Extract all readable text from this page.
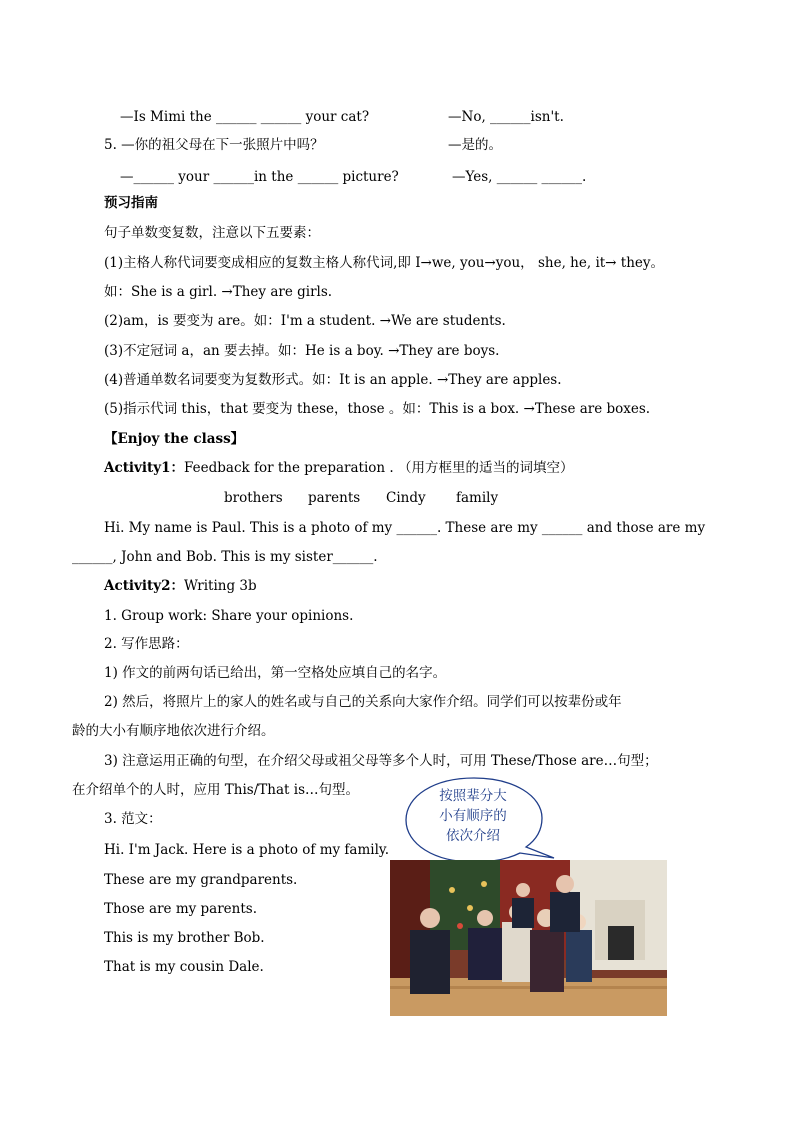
—Is Mimi the ______ ______ your cat?	—No, ______isn't.
5. —你的祖父母在下一张照片中吗？	—是的。
—______ your ______in the ______ picture?	—Yes, ______ ______.
预习指南
句子单数变复数，注意以下五要素：
(1)主格人称代词要变成相应的复数主格人称代词,即 I→we, you→you， she, he, it→ they。
如：She is a girl. →They are girls.
(2)am，is 要变为 are。如：I'm a student. →We are students.
(3)不定冠词 a，an 要去掉。如：He is a boy. →They are boys.
(4)普通单数名词要变为复数形式。如：It is an apple. →They are apples.
(5)指示代词 this，that 要变为 these，those 。如：This is a box. →These are boxes.
【Enjoy the class】
Activity1：Feedback for the preparation . （用方框里的适当的词填空）
brothers parents Cindy family
Hi. My name is Paul. This is a photo of my ______. These are my ______ and those are my
______, John and Bob. This is my sister______.
Activity2：Writing 3b
1. Group work: Share your opinions.
2. 写作思路：
1) 作文的前两句话已给出，第一空格处应填自己的名字。
2) 然后，将照片上的家人的姓名或与自己的关系向大家作介绍。同学们可以按辈份或年
龄的大小有顺序地依次进行介绍。
3) 注意运用正确的句型，在介绍父母或祖父母等多个人时，可用 These/Those are…句型；
在介绍单个的人时，应用 This/That is…句型。
3. 范文：
Hi. I'm Jack. Here is a photo of my family.
These are my grandparents.
Those are my parents.
This is my brother Bob.
That is my cousin Dale.
按照辈分大
小有顺序的
依次介绍
